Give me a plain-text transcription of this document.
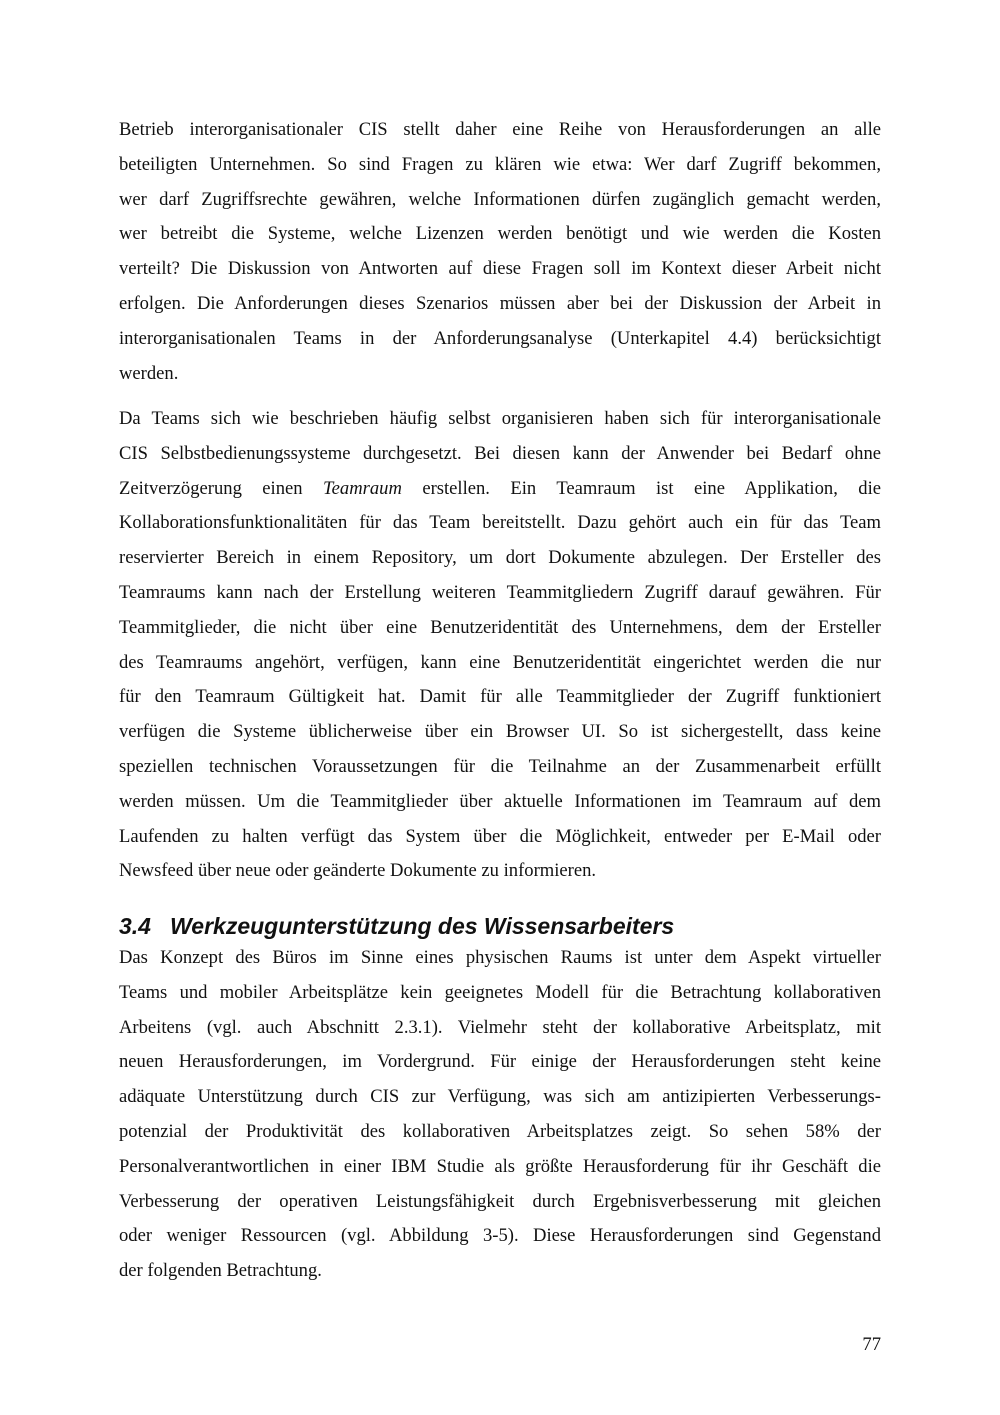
Betrieb interorganisationaler CIS stellt daher eine Reihe von Herausforderungen an alle
beteiligten Unternehmen. So sind Fragen zu klären wie etwa: Wer darf Zugriff bekommen,
wer darf Zugriffsrechte gewähren, welche Informationen dürfen zugänglich gemacht werden,
wer betreibt die Systeme, welche Lizenzen werden benötigt und wie werden die Kosten
verteilt? Die Diskussion von Antworten auf diese Fragen soll im Kontext dieser Arbeit nicht
erfolgen. Die Anforderungen dieses Szenarios müssen aber bei der Diskussion der Arbeit in
interorganisationalen Teams in der Anforderungsanalyse (Unterkapitel 4.4) berücksichtigt
werden.
Da Teams sich wie beschrieben häufig selbst organisieren haben sich für interorganisationale
CIS Selbstbedienungssysteme durchgesetzt. Bei diesen kann der Anwender bei Bedarf ohne
Zeitverzögerung einen Teamraum erstellen. Ein Teamraum ist eine Applikation, die
Kollaborationsfunktionalitäten für das Team bereitstellt. Dazu gehört auch ein für das Team
reservierter Bereich in einem Repository, um dort Dokumente abzulegen. Der Ersteller des
Teamraums kann nach der Erstellung weiteren Teammitgliedern Zugriff darauf gewähren. Für
Teammitglieder, die nicht über eine Benutzeridentität des Unternehmens, dem der Ersteller
des Teamraums angehört, verfügen, kann eine Benutzeridentität eingerichtet werden die nur
für den Teamraum Gültigkeit hat. Damit für alle Teammitglieder der Zugriff funktioniert
verfügen die Systeme üblicherweise über ein Browser UI. So ist sichergestellt, dass keine
speziellen technischen Voraussetzungen für die Teilnahme an der Zusammenarbeit erfüllt
werden müssen. Um die Teammitglieder über aktuelle Informationen im Teamraum auf dem
Laufenden zu halten verfügt das System über die Möglichkeit, entweder per E-Mail oder
Newsfeed über neue oder geänderte Dokumente zu informieren.
3.4 Werkzeugunterstützung des Wissensarbeiters
Das Konzept des Büros im Sinne eines physischen Raums ist unter dem Aspekt virtueller
Teams und mobiler Arbeitsplätze kein geeignetes Modell für die Betrachtung kollaborativen
Arbeitens (vgl. auch Abschnitt 2.3.1). Vielmehr steht der kollaborative Arbeitsplatz, mit
neuen Herausforderungen, im Vordergrund. Für einige der Herausforderungen steht keine
adäquate Unterstützung durch CIS zur Verfügung, was sich am antizipierten Verbesserungs-
potenzial der Produktivität des kollaborativen Arbeitsplatzes zeigt. So sehen 58% der
Personalverantwortlichen in einer IBM Studie als größte Herausforderung für ihr Geschäft die
Verbesserung der operativen Leistungsfähigkeit durch Ergebnisverbesserung mit gleichen
oder weniger Ressourcen (vgl. Abbildung 3-5). Diese Herausforderungen sind Gegenstand
der folgenden Betrachtung.
77
